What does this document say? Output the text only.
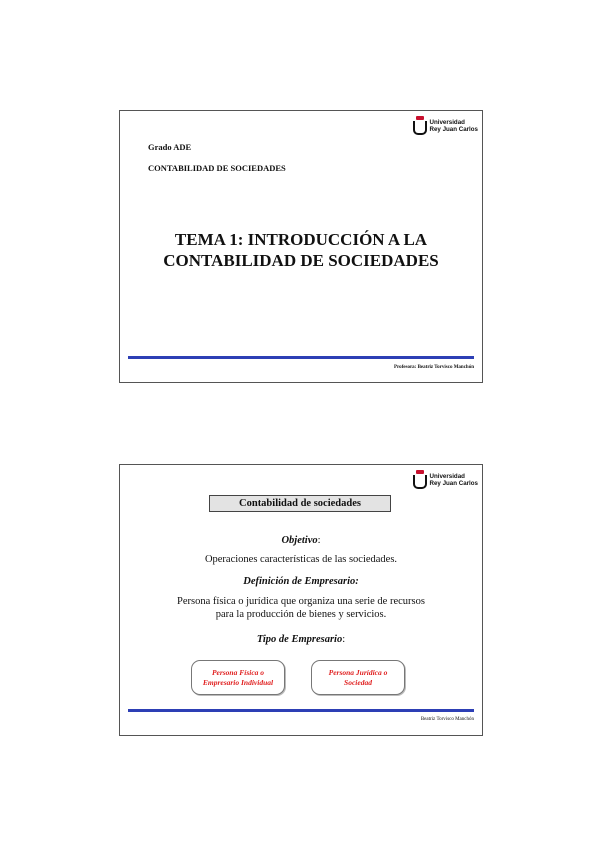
Universidad
Rey Juan Carlos
Grado ADE
CONTABILIDAD DE SOCIEDADES
TEMA 1: INTRODUCCIÓN A LA
CONTABILIDAD DE SOCIEDADES
Profesora: Beatriz Torvisco Manchón
Universidad
Rey Juan Carlos
Contabilidad de sociedades
Objetivo:
Operaciones características de las sociedades.
Definición de Empresario:
Persona física o jurídica que organiza una serie de recursos
para la producción de bienes y servicios.
Tipo de Empresario:
Persona Física o
Empresario Individual
Persona Jurídica o
Sociedad
Beatriz Torvisco Manchón
